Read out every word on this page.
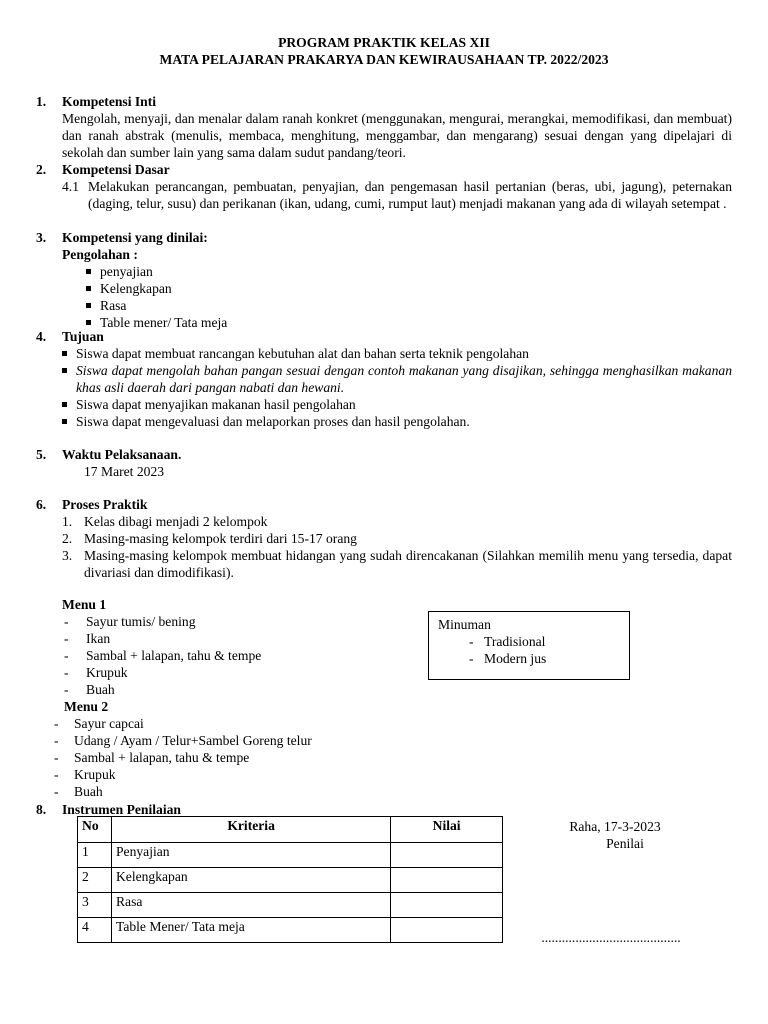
PROGRAM PRAKTIK KELAS XII
MATA PELAJARAN PRAKARYA DAN KEWIRAUSAHAAN TP. 2022/2023
1. Kompetensi Inti
Mengolah, menyaji, dan menalar dalam ranah konkret (menggunakan, mengurai, merangkai, memodifikasi, dan membuat) dan ranah abstrak (menulis, membaca, menghitung, menggambar, dan mengarang) sesuai dengan yang dipelajari di sekolah dan sumber lain yang sama dalam sudut pandang/teori.
2. Kompetensi Dasar
4.1 Melakukan perancangan, pembuatan, penyajian, dan pengemasan hasil pertanian (beras, ubi, jagung), peternakan (daging, telur, susu) dan perikanan (ikan, udang, cumi, rumput laut) menjadi makanan yang ada di wilayah setempat .
3. Kompetensi yang dinilai:
Pengolahan :
penyajian
Kelengkapan
Rasa
Table mener/ Tata meja
4. Tujuan
Siswa dapat membuat rancangan kebutuhan alat dan bahan serta teknik pengolahan
Siswa dapat mengolah bahan pangan sesuai dengan contoh makanan yang disajikan, sehingga menghasilkan makanan khas asli daerah dari pangan nabati dan hewani.
Siswa dapat menyajikan makanan hasil pengolahan
Siswa dapat mengevaluasi dan melaporkan proses dan hasil pengolahan.
5. Waktu Pelaksanaan.
17 Maret 2023
6. Proses Praktik
1. Kelas dibagi menjadi 2 kelompok
2. Masing-masing kelompok terdiri dari 15-17 orang
3. Masing-masing kelompok membuat hidangan yang sudah direncakanan (Silahkan memilih menu yang tersedia, dapat divariasi dan dimodifikasi).
Menu 1
- Sayur tumis/ bening
- Ikan
- Sambal + lalapan, tahu & tempe
- Krupuk
- Buah
Minuman
- Tradisional
- Modern jus
Menu 2
- Sayur capcai
- Udang / Ayam / Telur+Sambel Goreng telur
- Sambal + lalapan, tahu & tempe
- Krupuk
- Buah
8. Instrumen Penilaian
No	Kriteria	Nilai
1	Penyajian	
2	Kelengkapan	
3	Rasa	
4	Table Mener/ Tata meja	
Raha, 17-3-2023
Penilai
.........................................
